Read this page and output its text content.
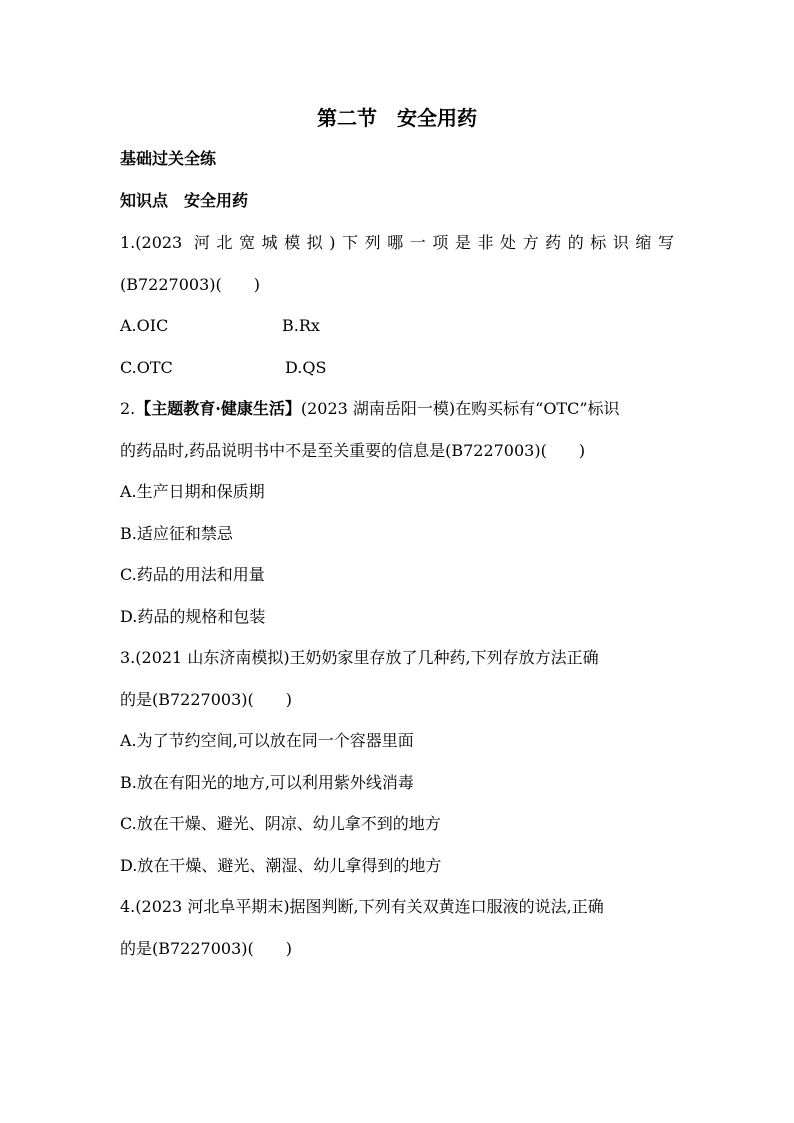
第二节　安全用药
基础过关全练
知识点　安全用药
1.(2023 河北宽城模拟)下列哪一项是非处方药的标识缩写
(B7227003)(　　)
A.OIC	B.Rx
C.OTC	D.QS
2.【主题教育·健康生活】(2023 湖南岳阳一模)在购买标有“OTC”标识
的药品时,药品说明书中不是至关重要的信息是(B7227003)(　　)
A.生产日期和保质期
B.适应征和禁忌
C.药品的用法和用量
D.药品的规格和包装
3.(2021 山东济南模拟)王奶奶家里存放了几种药,下列存放方法正确
的是(B7227003)(　　)
A.为了节约空间,可以放在同一个容器里面
B.放在有阳光的地方,可以利用紫外线消毒
C.放在干燥、避光、阴凉、幼儿拿不到的地方
D.放在干燥、避光、潮湿、幼儿拿得到的地方
4.(2023 河北阜平期末)据图判断,下列有关双黄连口服液的说法,正确
的是(B7227003)(　　)
